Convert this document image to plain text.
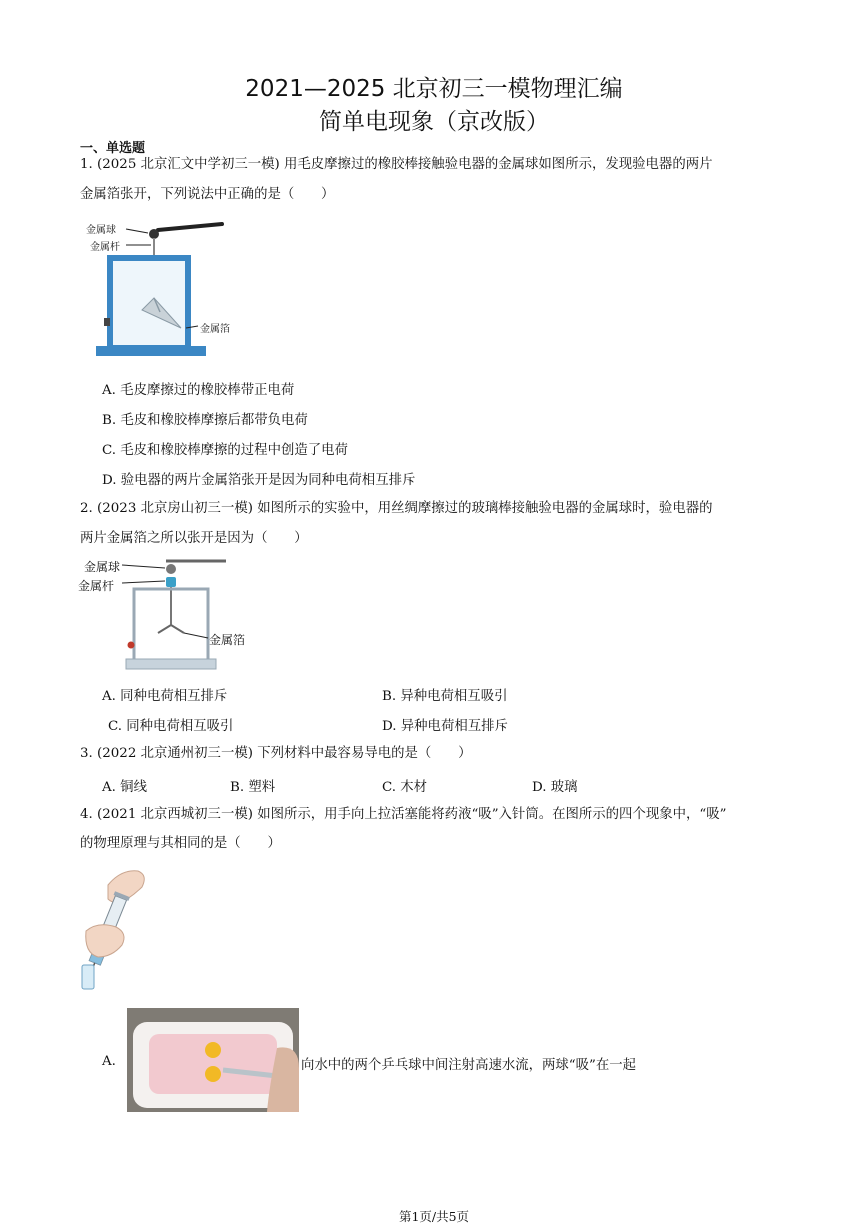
2021—2025 北京初三一模物理汇编
简单电现象（京改版）
一、单选题
1. (2025 北京汇文中学初三一模) 用毛皮摩擦过的橡胶棒接触验电器的金属球如图所示，发现验电器的两片
金属箔张开，下列说法中正确的是（　　）
金属球
金属杆
金属箔
A. 毛皮摩擦过的橡胶棒带正电荷
B. 毛皮和橡胶棒摩擦后都带负电荷
C. 毛皮和橡胶棒摩擦的过程中创造了电荷
D. 验电器的两片金属箔张开是因为同种电荷相互排斥
2. (2023 北京房山初三一模) 如图所示的实验中，用丝绸摩擦过的玻璃棒接触验电器的金属球时，验电器的
两片金属箔之所以张开是因为（　　）
金属球
金属杆
金属箔
A. 同种电荷相互排斥	B. 异种电荷相互吸引
C. 同种电荷相互吸引	D. 异种电荷相互排斥
3. (2022 北京通州初三一模) 下列材料中最容易导电的是（　　）
A. 铜线	B. 塑料	C. 木材	D. 玻璃
4. (2021 北京西城初三一模) 如图所示，用手向上拉活塞能将药液“吸”入针筒。在图所示的四个现象中，“吸”
的物理原理与其相同的是（　　）
A.	向水中的两个乒乓球中间注射高速水流，两球“吸”在一起
第1页/共5页
